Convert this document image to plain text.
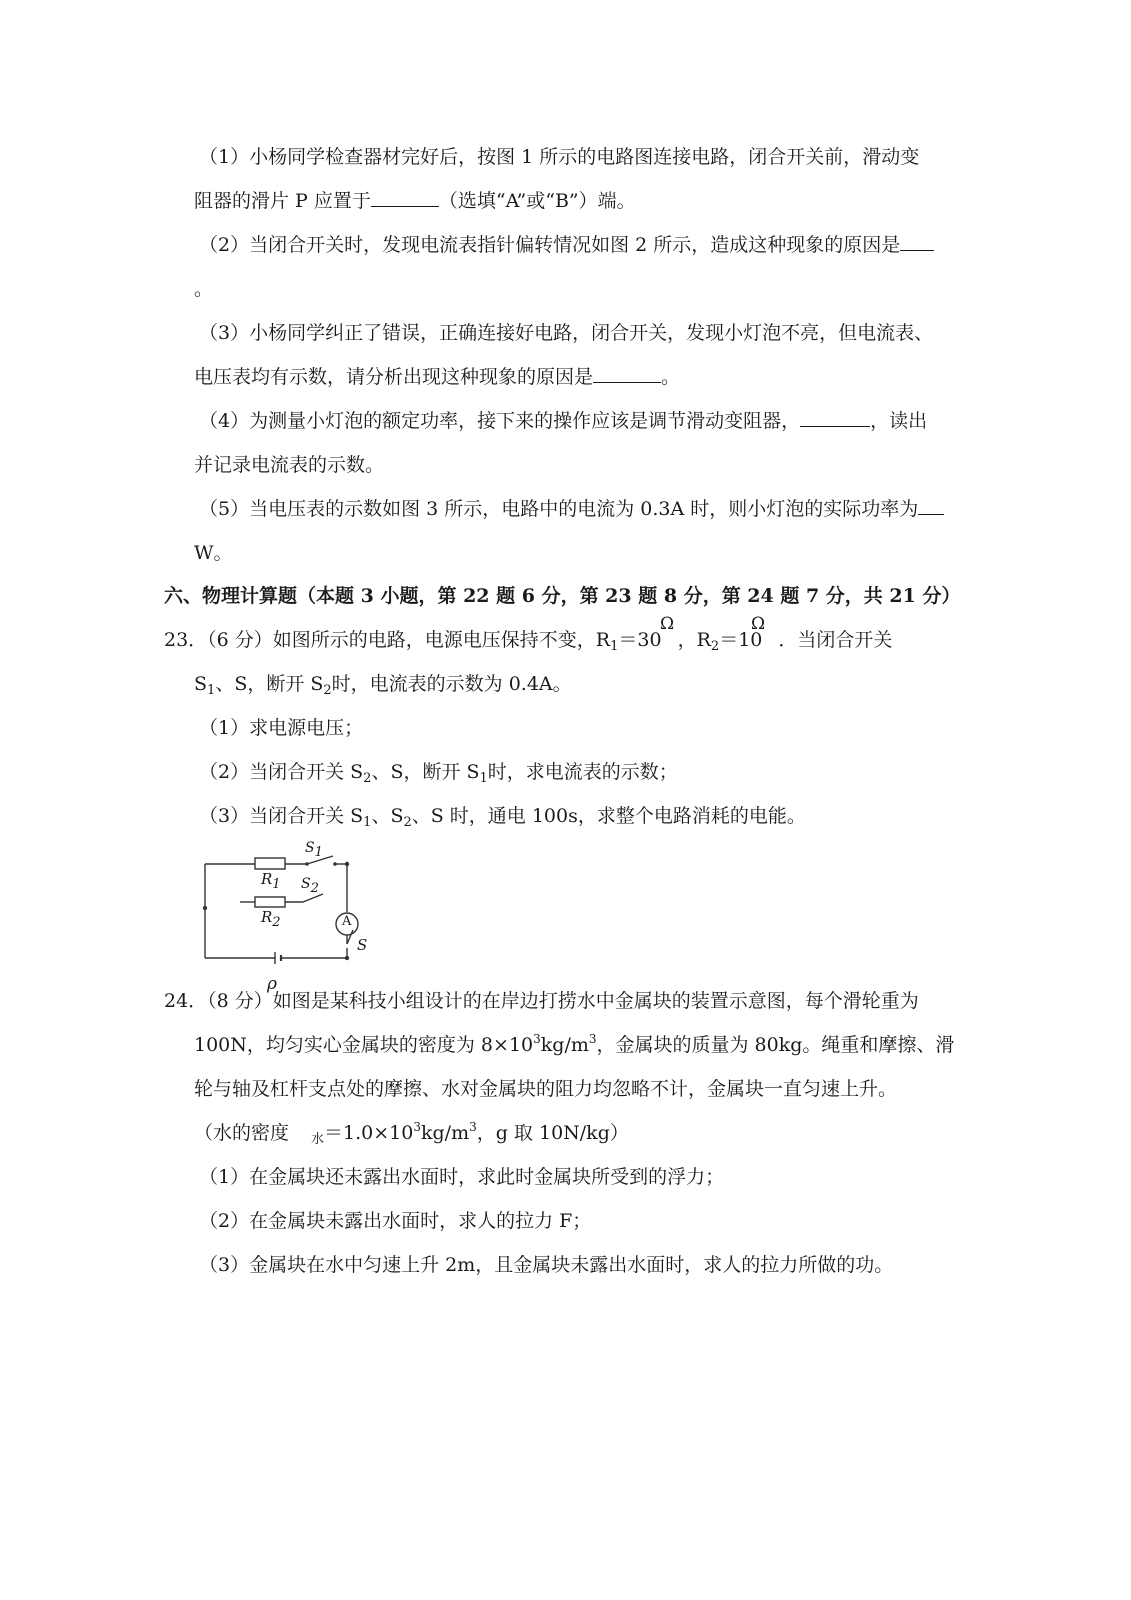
（1）小杨同学检查器材完好后，按图 1 所示的电路图连接电路，闭合开关前，滑动变
阻器的滑片 P 应置于	（选填“A”或“B”）端。
（2）当闭合开关时，发现电流表指针偏转情况如图 2 所示，造成这种现象的原因是
。
（3）小杨同学纠正了错误，正确连接好电路，闭合开关，发现小灯泡不亮，但电流表、
电压表均有示数，请分析出现这种现象的原因是	。
（4）为测量小灯泡的额定功率，接下来的操作应该是调节滑动变阻器，	，读出
并记录电流表的示数。
（5）当电压表的示数如图 3 所示，电路中的电流为 0.3A 时，则小灯泡的实际功率为
W。
六、物理计算题（本题 3 小题，第 22 题 6 分，第 23 题 8 分，第 24 题 7 分，共 21 分）
Ω	Ω
23．（6 分）如图所示的电路，电源电压保持不变，$R_1=30$ ，$R_2=10$ ．当闭合开关
$S_1$、S，断开 $S_2$时，电流表的示数为 0.4A。
（1）求电源电压；
（2）当闭合开关 $S_2$、S，断开 $S_1$时，求电流表的示数；
（3）当闭合开关 $S_1$、$S_2$、S 时，通电 100s，求整个电路消耗的电能。
$R_1$
$R_2$
$S_1$
$S_2$
A
S
ρ
24．（8 分）如图是某科技小组设计的在岸边打捞水中金属块的装置示意图，每个滑轮重为
100N，均匀实心金属块的密度为 $8\times 10^3kg/m^3$，金属块的质量为 80kg。绳重和摩擦、滑
轮与轴及杠杆支点处的摩擦、水对金属块的阻力均忽略不计，金属块一直匀速上升。
（水的密度 $_水=1.0\times 10^3kg/m^3$，g 取 10N/kg）
（1）在金属块还未露出水面时，求此时金属块所受到的浮力；
（2）在金属块未露出水面时，求人的拉力 F；
（3）金属块在水中匀速上升 2m，且金属块未露出水面时，求人的拉力所做的功。
